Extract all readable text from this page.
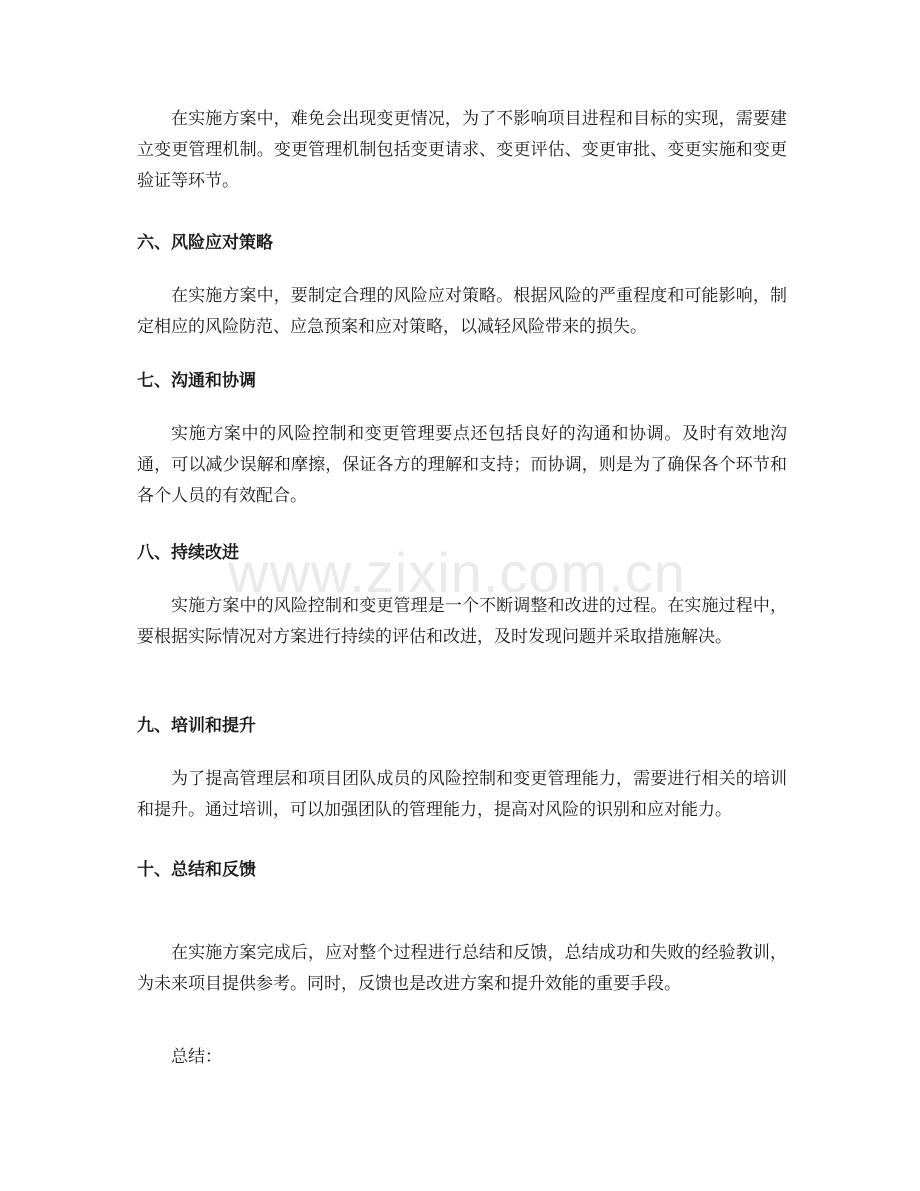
在实施方案中，难免会出现变更情况，为了不影响项目进程和目标的实现，需要建立变更管理机制。变更管理机制包括变更请求、变更评估、变更审批、变更实施和变更验证等环节。

六、风险应对策略

在实施方案中，要制定合理的风险应对策略。根据风险的严重程度和可能影响，制定相应的风险防范、应急预案和应对策略，以减轻风险带来的损失。

七、沟通和协调

实施方案中的风险控制和变更管理要点还包括良好的沟通和协调。及时有效地沟通，可以减少误解和摩擦，保证各方的理解和支持；而协调，则是为了确保各个环节和各个人员的有效配合。

八、持续改进

实施方案中的风险控制和变更管理是一个不断调整和改进的过程。在实施过程中，要根据实际情况对方案进行持续的评估和改进，及时发现问题并采取措施解决。

九、培训和提升

为了提高管理层和项目团队成员的风险控制和变更管理能力，需要进行相关的培训和提升。通过培训，可以加强团队的管理能力，提高对风险的识别和应对能力。

十、总结和反馈

在实施方案完成后，应对整个过程进行总结和反馈，总结成功和失败的经验教训，为未来项目提供参考。同时，反馈也是改进方案和提升效能的重要手段。

总结：

www.zixin.com.cn
